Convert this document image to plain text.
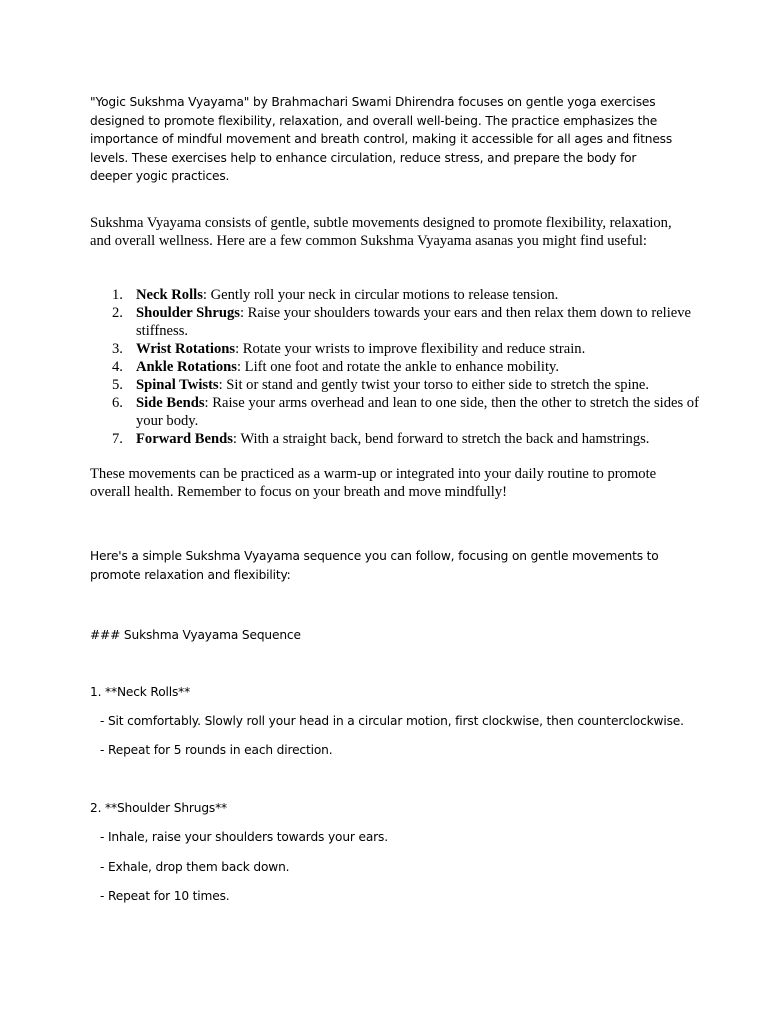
"Yogic Sukshma Vyayama" by Brahmachari Swami Dhirendra focuses on gentle yoga exercises designed to promote flexibility, relaxation, and overall well-being. The practice emphasizes the importance of mindful movement and breath control, making it accessible for all ages and fitness levels. These exercises help to enhance circulation, reduce stress, and prepare the body for deeper yogic practices.

Sukshma Vyayama consists of gentle, subtle movements designed to promote flexibility, relaxation, and overall wellness. Here are a few common Sukshma Vyayama asanas you might find useful:

Neck Rolls: Gently roll your neck in circular motions to release tension.
Shoulder Shrugs: Raise your shoulders towards your ears and then relax them down to relieve stiffness.
Wrist Rotations: Rotate your wrists to improve flexibility and reduce strain.
Ankle Rotations: Lift one foot and rotate the ankle to enhance mobility.
Spinal Twists: Sit or stand and gently twist your torso to either side to stretch the spine.
Side Bends: Raise your arms overhead and lean to one side, then the other to stretch the sides of your body.
Forward Bends: With a straight back, bend forward to stretch the back and hamstrings.

These movements can be practiced as a warm-up or integrated into your daily routine to promote overall health. Remember to focus on your breath and move mindfully!

Here's a simple Sukshma Vyayama sequence you can follow, focusing on gentle movements to promote relaxation and flexibility:

### Sukshma Vyayama Sequence
1. **Neck Rolls**
- Sit comfortably. Slowly roll your head in a circular motion, first clockwise, then counterclockwise.
- Repeat for 5 rounds in each direction.
2. **Shoulder Shrugs**
- Inhale, raise your shoulders towards your ears.
- Exhale, drop them back down.
- Repeat for 10 times.
